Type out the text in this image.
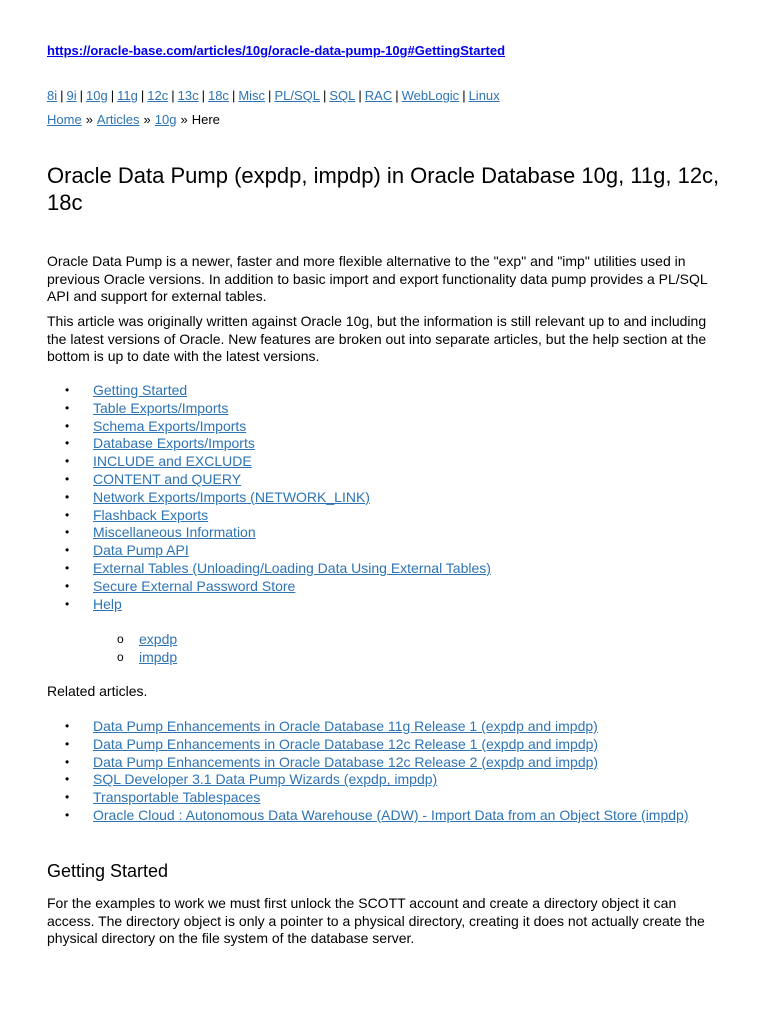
https://oracle-base.com/articles/10g/oracle-data-pump-10g#GettingStarted
8i | 9i | 10g | 11g | 12c | 13c | 18c | Misc | PL/SQL | SQL | RAC | WebLogic | Linux
Home » Articles » 10g » Here
Oracle Data Pump (expdp, impdp) in Oracle Database 10g, 11g, 12c, 18c

Oracle Data Pump is a newer, faster and more flexible alternative to the "exp" and "imp" utilities used in previous Oracle versions. In addition to basic import and export functionality data pump provides a PL/SQL API and support for external tables.

This article was originally written against Oracle 10g, but the information is still relevant up to and including the latest versions of Oracle. New features are broken out into separate articles, but the help section at the bottom is up to date with the latest versions.

• Getting Started
• Table Exports/Imports
• Schema Exports/Imports
• Database Exports/Imports
• INCLUDE and EXCLUDE
• CONTENT and QUERY
• Network Exports/Imports (NETWORK_LINK)
• Flashback Exports
• Miscellaneous Information
• Data Pump API
• External Tables (Unloading/Loading Data Using External Tables)
• Secure External Password Store
• Help
o expdp
o impdp
Related articles.
• Data Pump Enhancements in Oracle Database 11g Release 1 (expdp and impdp)
• Data Pump Enhancements in Oracle Database 12c Release 1 (expdp and impdp)
• Data Pump Enhancements in Oracle Database 12c Release 2 (expdp and impdp)
• SQL Developer 3.1 Data Pump Wizards (expdp, impdp)
• Transportable Tablespaces
• Oracle Cloud : Autonomous Data Warehouse (ADW) - Import Data from an Object Store (impdp)
Getting Started

For the examples to work we must first unlock the SCOTT account and create a directory object it can access. The directory object is only a pointer to a physical directory, creating it does not actually create the physical directory on the file system of the database server.
